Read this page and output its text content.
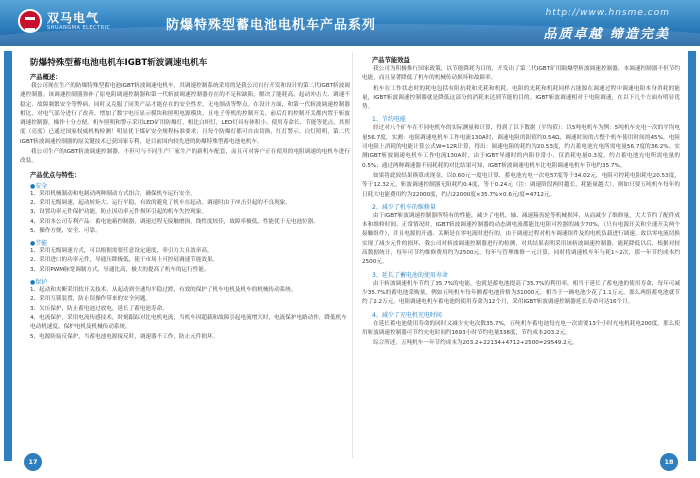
双马电气
SHUANGMA ELECTRIC	防爆特殊型蓄电池电机车产品系列
http://www.hnsme.com
品质卓越 缔造完美
防爆特殊型蓄电池电机车IGBT斩波调速电机车
产品概述：

我公司现在生产的防爆特殊型蓄电池IGBT斩波调速电机车，其调速控制系统采用的是我公司自行开发和设计的第二代IGBT斩波调速控制器。该调速控制器弥补了原电阻调速控制器和第一代斩波调速控制器存在的不足和缺陷，解决了能耗高、起动冲击大、调速不稳定、故障频繁安全等弊病，同时又克服了同类产品才能存在的安全性差、无电制动等弊点。在设计方面，和第一代斩波调速控制器相比，对电气部分进行了改善，增加了数字电压显示模块和照明电源模块，且电子等机的控制开关、前后灯的控制开关都内置于斩波调速控制器，操作十分方便。机车照明和警示采用LED矿用防爆灯，相比白炽灯，LED灯具有体积小、使用寿命长、节能等优点，其照度（亮度）已通过国家权威机构检测！明显优于煤矿安全规程标准要求；且每个防爆灯都可自由切换，红灯警示、白灯照明，第二代IGBT斩波调速控制器的原关键技术已获国家专利，是目前国内较先进的防爆特殊型蓄电池电机车。

我公司生产的IGBT斩波调速控制器，不但可与不同生产厂家生产的新机车配套，而且可对客户正在使用的电阻调速的电机车进行改装。

产品优点与特性：
●安全
1、采用机械制动和电制动两种制动方式组合，确保机车运行安全。
2、采用无级调速，起动转矩大、运行平稳，有效的避免了机车在起动、调速时由于冲击引起的不良现象。
3、设置功率元件保护功能，防止因功率元件损坏引起的机车失控现象。
4、采用本公司专利产品：蓄电池箱控制器，调速过程无接触磨损，线性度较佳，故障率极低，性能优于无电池位器。
5、操作方便、安全、可靠。
●节能
1、采用无级调速方式，可以根据需要任意设定速度，牵引力大且效率高。
2、采用进口的功率元件，导通压降极低，使于市场上可控硅调速节能效果。
3、采用PWM脉宽调制方式，导通比高，极大的提高了机车的运行性能。
●保护
1、起动和夹断采用软开关技术，从起动到全速均平稳过渡，有效的保护了机车电机及机车的机械传动系统。
2、采用互锁装置，防止误操作带来的安全问题。
3、欠压保护，防止蓄电池过放电，延长了蓄电池寿命。
4、电流保护，采用电流传感技术，时刻跟踪对比电机电流，当机车因超载和故障引起电流增大时，电流保护电路动作，降低机车电动机速度，保护电机及机械传动系统。
5、电源防接反保护，当蓄电池电源接反时，调速器不工作，防止元件损坏。
产品节能效益

我公司为积极推行国家政策，以节能降耗为目的，开发出了第二代IGBT矿用隔爆型斩波调速控制器，本调速控制器不但节约电能，而且显著降低了机车的机械传动损坏和故障率。

机车在工作状态时的耗电包括有阻抗耗和光耗和机耗。电阻的光耗和机耗同样占能源在调速过程中调速电阻本身消耗的能量，IGBT斩波调速控制器就是降低这部分的消耗来达到节能的目的。IGBT斩波调速相对于电阻调速，在以下几个方面有明显优势。

1、节约电能

经过对八个矿车在不同电机车的实际测量和计算，得到了以下数据（平均值）：以5吨电机车为例：5吨机车充电一次的平均电量56.7度，实测：电阻调速电机车工作电流130A时，调速电阻的阻值约0.54Ω，调速时间的占整个机车使用时间的45%，电阻司电阻上消耗的电能计算公式W=12R计算，得出：调速电阻的耗约为20.53度，约占蓄电池充电所需电量56.7度的36.2%。实测IGBT斩波调速电机车工作电流130A时，由于IGBT导通时的内阻非常小，仅消耗电量0.3度，约占蓄电池充电所需电量的0.5%；通过两种调速器不同耗耗的对比结果可知，IGBT斩波调速电机车比电阻调速电机车节电约35.7%。

如果将此较结果换算成现金，以0.60元一度电计算，蓄电池充电一次电57度等于34.02元，电阻可控耗电阻耗电20.53度，等于12.32元，斩波调速控制器无阻耗约0.4度，等于0.24元（注：调速阶段两时越长，耗能量越大），则如只要五吨机车每年的日耗大电能费用约为22000度，约占22000度×35.7%×0.6元/度=4712元。

2、减少了机车的维修量

由于IGBT斩波调速控制器所特有的性能，减少了电机、轴、减速箱齿轮等机械损坏，从而减少了维修量，大大节约了配件成本和维修时间。正常情况时，IGBT斩波调速控制器的动态调电流都能比电阻可控器的减少70%，（只有电源开关和全速开关两个接触组件），并且电源的开通、关断是在零电流时进行的，由于调速过程对机车调速组件及的电机负载进行调速，故以零电流切换实现了减少元件的损坏，我公司对斩波调速控制器进行的检测，对其结果表明采用该斩波调速控制器，能耗降低以后，根据对较高数据统计，每年可节约维修费用约为2500元。每年与管理维修一元计算，同时将调速机车年与耗1~2次，那一年节约成本约2500元。

3、延长了蓄电池的使用寿命

由于斩波调速机车节约了35.7%的电能，也就是蓄电池提高了35.7%的利用率，相当于延长了蓄电池的使用寿命，每年可减少35.7%的蓄电池采购量，例如五吨机车每年额蓄电池价格为31000元，相当于一辆电池少花了1.1万元，那么两组蓄电池就节约了2.2万元。电阻调速电机车蓄电池的使用寿命为12个月，采用IGBT斩波调速控制器延长寿命可达16个月。

4、减少了充电机充电时间

在延长蓄电池使用寿命的同时又减少充电次数35.7%，五吨机车蓄电池每充电一次需要13个小时充电机耗电200度，那么使用斩波调速控制器可节约充电时间约1693小时节约电量338度，节约成本203.2元。

综合所述，五吨机车一年节约成本为203.2+22134+4712+2500=29549.2元。

17	18
